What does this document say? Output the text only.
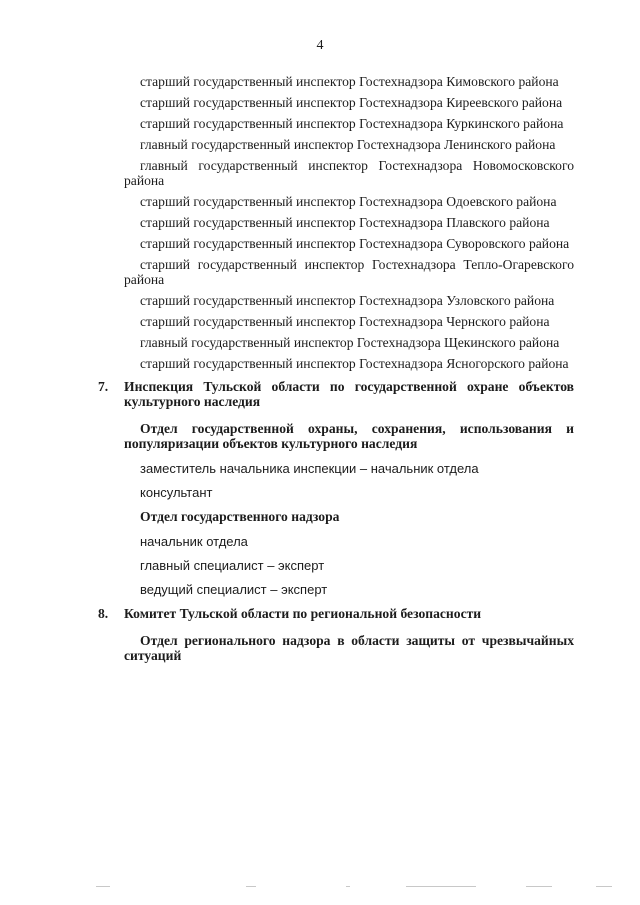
4

старший государственный инспектор Гостехнадзора Кимовского района

старший государственный инспектор Гостехнадзора Киреевского района

старший государственный инспектор Гостехнадзора Куркинского района

главный государственный инспектор Гостехнадзора Ленинского района

главный государственный инспектор Гостехнадзора Новомосковского района

старший государственный инспектор Гостехнадзора Одоевского района

старший государственный инспектор Гостехнадзора Плавского района

старший государственный инспектор Гостехнадзора Суворовского района

старший государственный инспектор Гостехнадзора Тепло-Огаревского района

старший государственный инспектор Гостехнадзора Узловского района

старший государственный инспектор Гостехнадзора Чернского района

главный государственный инспектор Гостехнадзора Щекинского района

старший государственный инспектор Гостехнадзора Ясногорского района

7. Инспекция Тульской области по государственной охране объектов культурного наследия

Отдел государственной охраны, сохранения, использования и популяризации объектов культурного наследия

заместитель начальника инспекции – начальник отдела

консультант

Отдел государственного надзора

начальник отдела

главный специалист – эксперт

ведущий специалист – эксперт

8. Комитет Тульской области по региональной безопасности

Отдел регионального надзора в области защиты от чрезвычайных ситуаций
